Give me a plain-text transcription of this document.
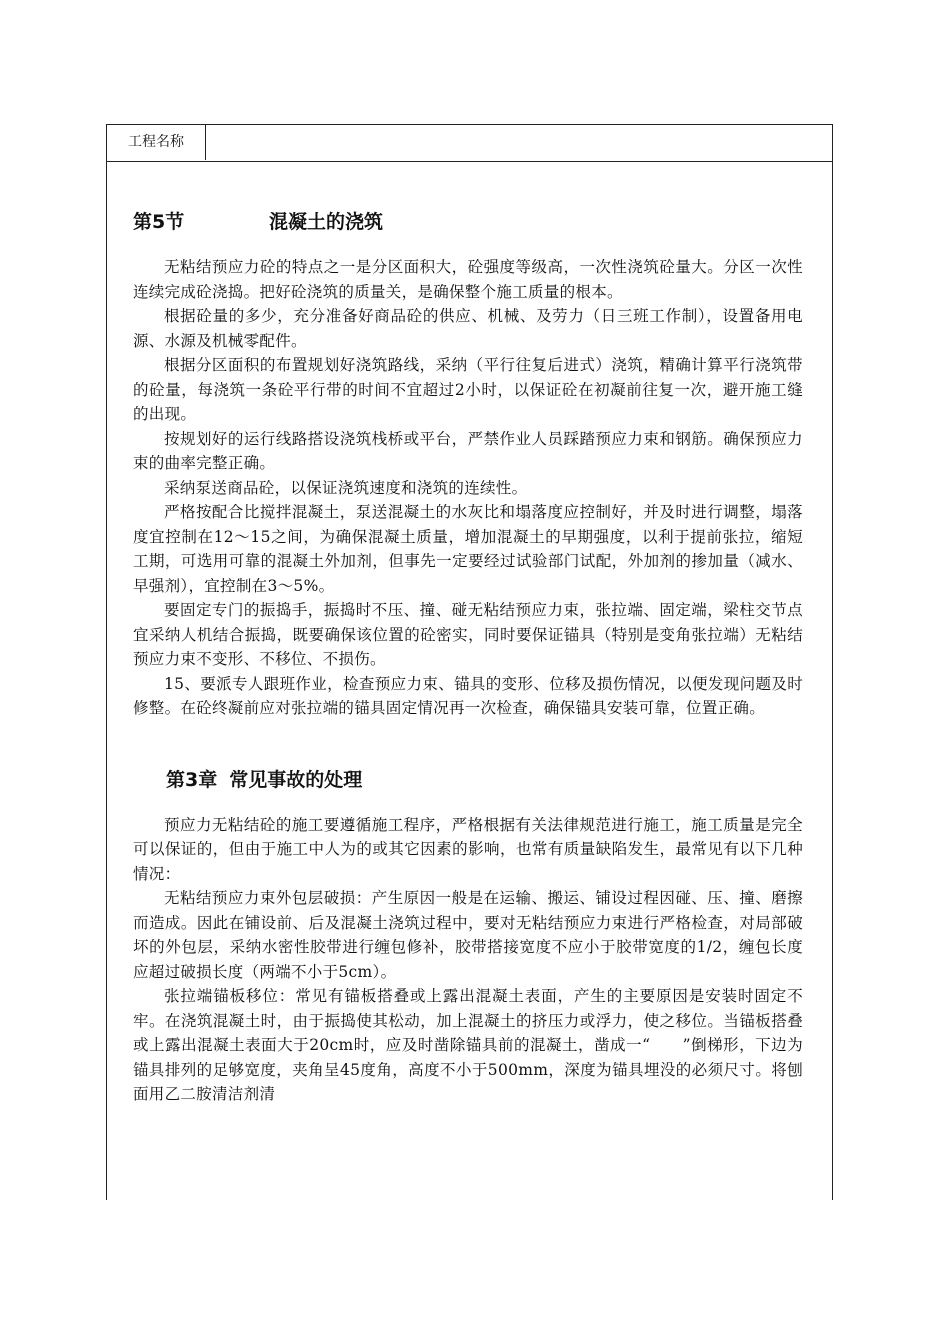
工程名称
第5节	混凝土的浇筑

无粘结预应力砼的特点之一是分区面积大，砼强度等级高，一次性浇筑砼量大。分区一次性连续完成砼浇捣。把好砼浇筑的质量关，是确保整个施工质量的根本。

根据砼量的多少，充分准备好商品砼的供应、机械、及劳力（日三班工作制），设置备用电源、水源及机械零配件。

根据分区面积的布置规划好浇筑路线，采纳（平行往复后进式）浇筑，精确计算平行浇筑带的砼量，每浇筑一条砼平行带的时间不宜超过2小时，以保证砼在初凝前往复一次，避开施工缝的出现。

按规划好的运行线路搭设浇筑栈桥或平台，严禁作业人员踩踏预应力束和钢筋。确保预应力束的曲率完整正确。

采纳泵送商品砼，以保证浇筑速度和浇筑的连续性。

严格按配合比搅拌混凝土，泵送混凝土的水灰比和塌落度应控制好，并及时进行调整，塌落度宜控制在12～15之间，为确保混凝土质量，增加混凝土的早期强度，以利于提前张拉，缩短工期，可选用可靠的混凝土外加剂，但事先一定要经过试验部门试配，外加剂的掺加量（减水、早强剂），宜控制在3～5%。

要固定专门的振捣手，振捣时不压、撞、碰无粘结预应力束，张拉端、固定端，梁柱交节点宜采纳人机结合振捣，既要确保该位置的砼密实，同时要保证锚具（特别是变角张拉端）无粘结预应力束不变形、不移位、不损伤。

15、要派专人跟班作业，检查预应力束、锚具的变形、位移及损伤情况，以便发现问题及时修整。在砼终凝前应对张拉端的锚具固定情况再一次检查，确保锚具安装可靠，位置正确。

第3章 常见事故的处理

预应力无粘结砼的施工要遵循施工程序，严格根据有关法律规范进行施工，施工质量是完全可以保证的，但由于施工中人为的或其它因素的影响，也常有质量缺陷发生，最常见有以下几种情况：

无粘结预应力束外包层破损：产生原因一般是在运输、搬运、铺设过程因碰、压、撞、磨擦而造成。因此在铺设前、后及混凝土浇筑过程中，要对无粘结预应力束进行严格检查，对局部破坏的外包层，采纳水密性胶带进行缠包修补，胶带搭接宽度不应小于胶带宽度的1/2，缠包长度应超过破损长度（两端不小于5cm）。

张拉端锚板移位：常见有锚板搭叠或上露出混凝土表面，产生的主要原因是安装时固定不牢。在浇筑混凝土时，由于振捣使其松动，加上混凝土的挤压力或浮力，使之移位。当锚板搭叠或上露出混凝土表面大于20cm时，应及时凿除锚具前的混凝土，凿成一“　　”倒梯形，下边为锚具排列的足够宽度，夹角呈45度角，高度不小于500mm，深度为锚具埋没的必须尺寸。将刨面用乙二胺清洁剂清
